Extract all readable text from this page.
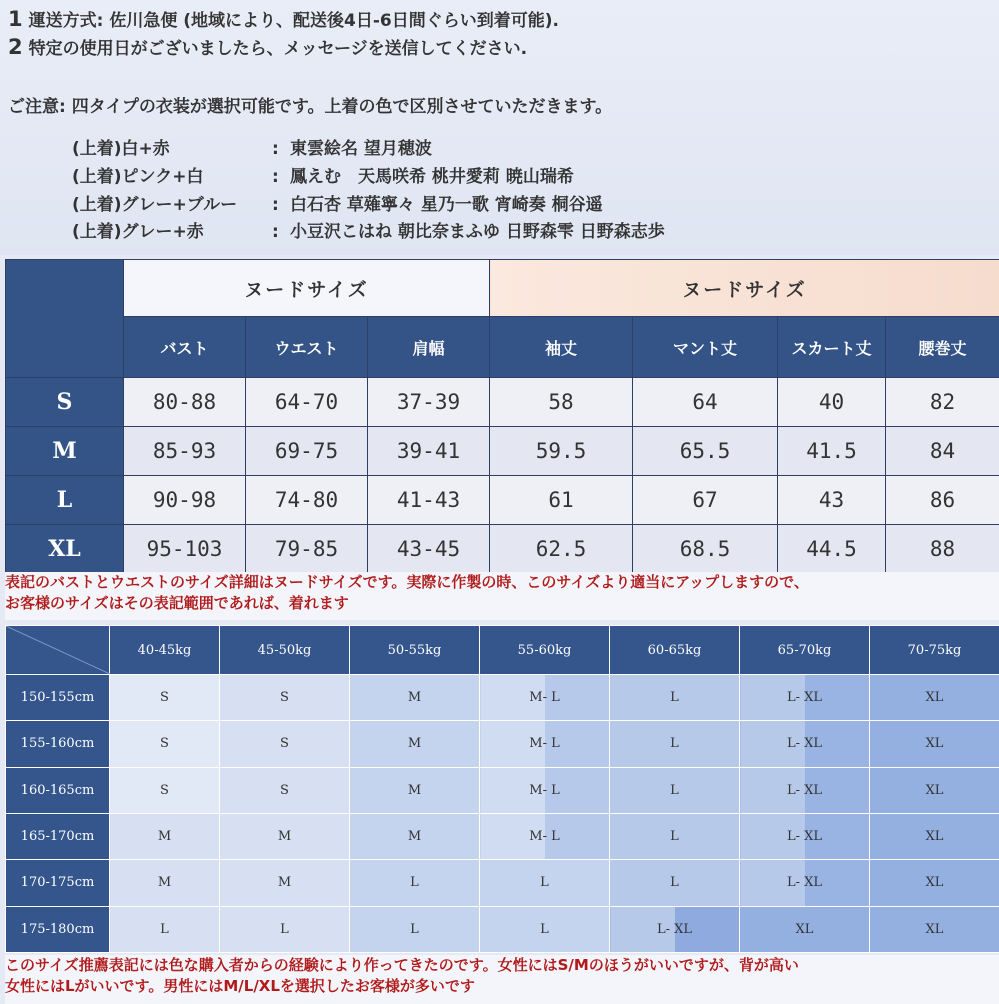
1 運送方式: 佐川急便 (地域により、配送後4日-6日間ぐらい到着可能).
2 特定の使用日がございましたら、メッセージを送信してください.
ご注意: 四タイプの衣装が選択可能です。上着の色で区別させていただきます。
(上着)白+赤	: 東雲絵名 望月穂波
(上着)ピンク+白	: 鳳えむ　天馬咲希 桃井愛莉 暁山瑞希
(上着)グレー+ブルー : 白石杏 草薙寧々 星乃一歌 宵崎奏 桐谷遥
(上着)グレー+赤	: 小豆沢こはね 朝比奈まふゆ 日野森雫 日野森志歩
	ヌードサイズ			ヌードサイズ			
	バスト	ウエスト	肩幅	袖丈	マント丈	スカート丈	腰巻丈
S	80-88	64-70	37-39	58	64	40	82
M	85-93	69-75	39-41	59.5	65.5	41.5	84
L	90-98	74-80	41-43	61	67	43	86
XL	95-103	79-85	43-45	62.5	68.5	44.5	88
表記のバストとウエストのサイズ詳細はヌードサイズです。実際に作製の時、このサイズより適当にアップしますので、
お客様のサイズはその表記範囲であれば、着れます
	40-45kg	45-50kg	50-55kg	55-60kg	60-65kg	65-70kg	70-75kg
150-155cm	S	S	M	M- L	L	L- XL	XL
155-160cm	S	S	M	M- L	L	L- XL	XL
160-165cm	S	S	M	M- L	L	L- XL	XL
165-170cm	M	M	M	M- L	L	L- XL	XL
170-175cm	M	M	L	L	L	L- XL	XL
175-180cm	L	L	L	L	L- XL	XL	XL
このサイズ推薦表記には色な購入者からの経験により作ってきたのです。女性にはS/Mのほうがいいですが、背が高い
女性にはLがいいです。男性にはM/L/XLを選択したお客様が多いです
